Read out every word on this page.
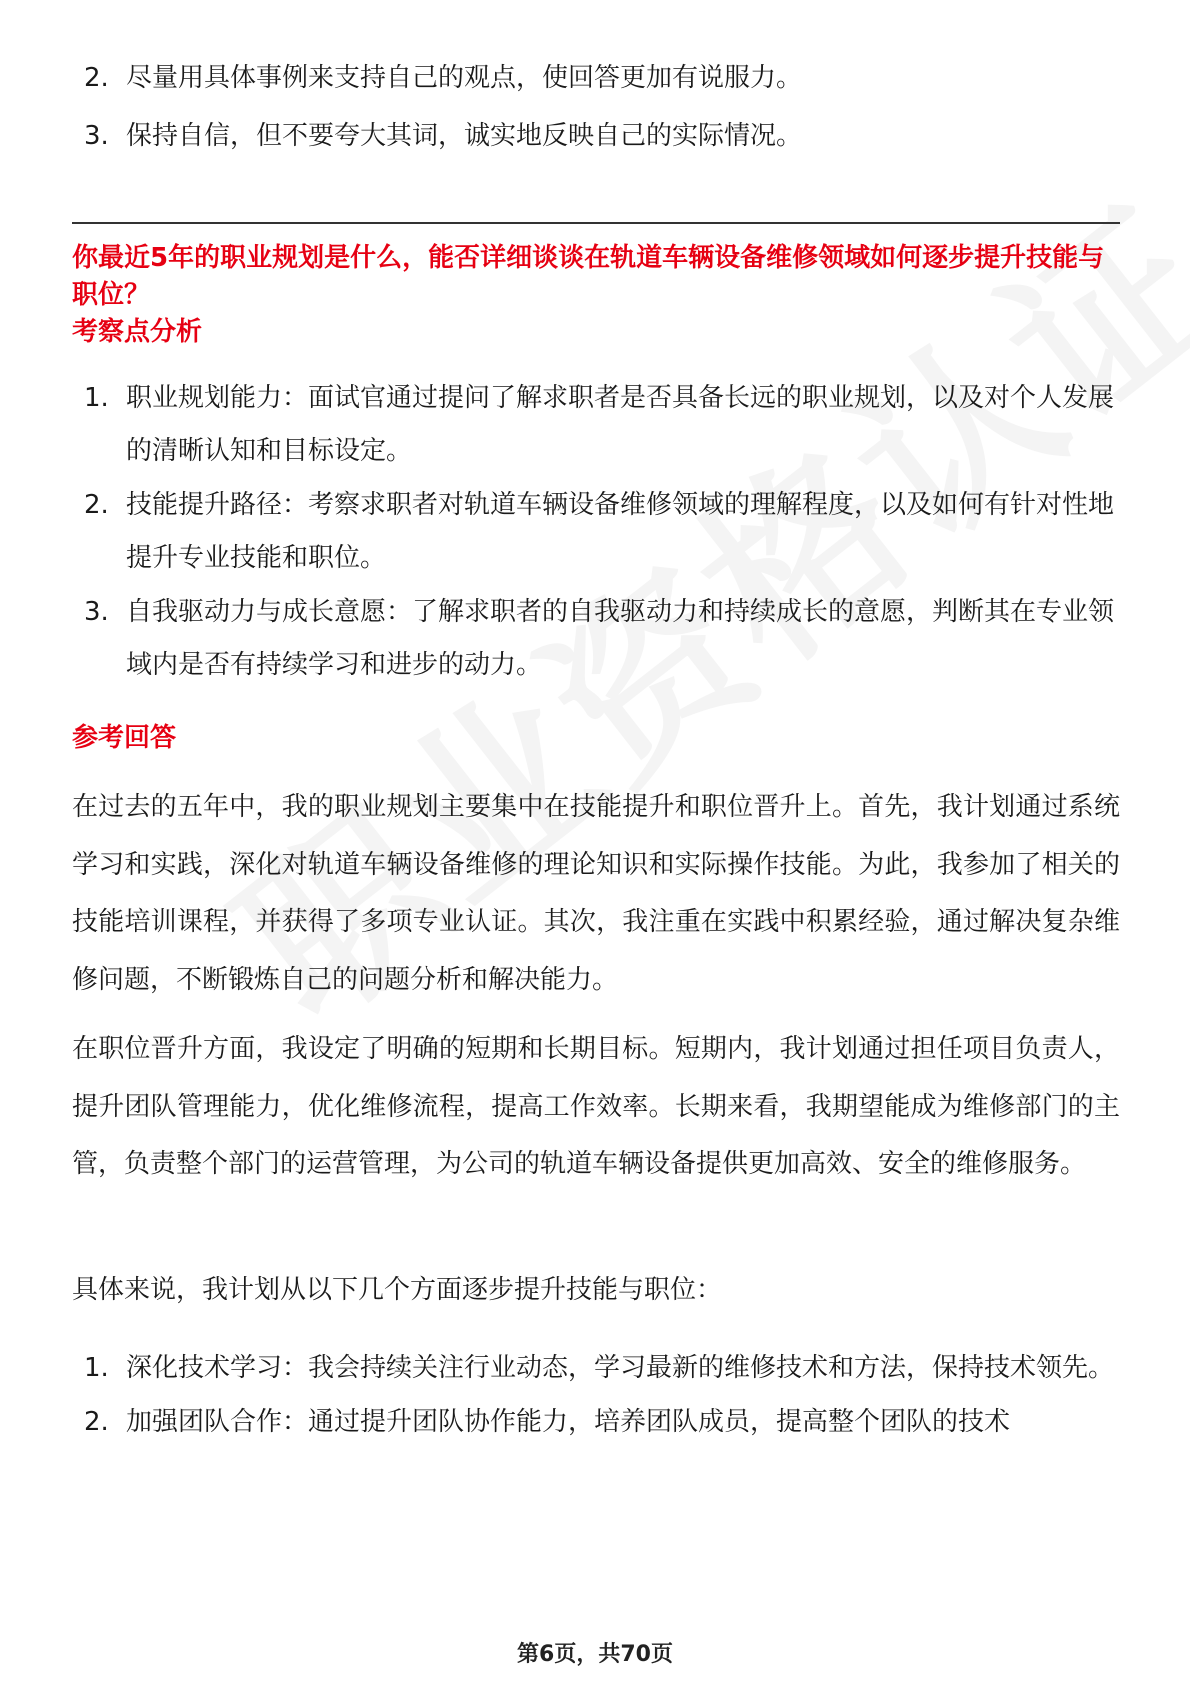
2. 尽量用具体事例来支持自己的观点，使回答更加有说服力。
3. 保持自信，但不要夸大其词，诚实地反映自己的实际情况。
你最近5年的职业规划是什么，能否详细谈谈在轨道车辆设备维修领域如何逐步提升技能与职位？
考察点分析
1. 职业规划能力：面试官通过提问了解求职者是否具备长远的职业规划，以及对个人发展的清晰认知和目标设定。
2. 技能提升路径：考察求职者对轨道车辆设备维修领域的理解程度，以及如何有针对性地提升专业技能和职位。
3. 自我驱动力与成长意愿：了解求职者的自我驱动力和持续成长的意愿，判断其在专业领域内是否有持续学习和进步的动力。
参考回答
在过去的五年中，我的职业规划主要集中在技能提升和职位晋升上。首先，我计划通过系统学习和实践，深化对轨道车辆设备维修的理论知识和实际操作技能。为此，我参加了相关的技能培训课程，并获得了多项专业认证。其次，我注重在实践中积累经验，通过解决复杂维修问题，不断锻炼自己的问题分析和解决能力。
在职位晋升方面，我设定了明确的短期和长期目标。短期内，我计划通过担任项目负责人，提升团队管理能力，优化维修流程，提高工作效率。长期来看，我期望能成为维修部门的主管，负责整个部门的运营管理，为公司的轨道车辆设备提供更加高效、安全的维修服务。
具体来说，我计划从以下几个方面逐步提升技能与职位：
1. 深化技术学习：我会持续关注行业动态，学习最新的维修技术和方法，保持技术领先。
2. 加强团队合作：通过提升团队协作能力，培养团队成员，提高整个团队的技术
第6页，共70页
